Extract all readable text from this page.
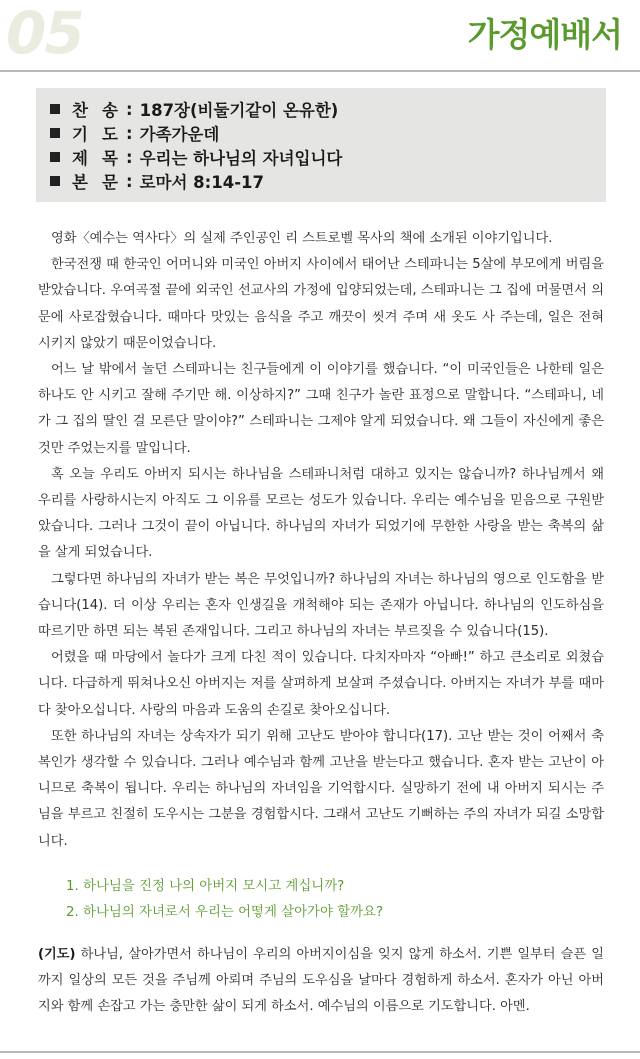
05	가정예배서
찬 송 : 187장(비둘기같이 온유한)
기 도 : 가족가운데
제 목 : 우리는 하나님의 자녀입니다
본 문 : 로마서 8:14-17

영화〈예수는 역사다〉의 실제 주인공인 리 스트로벨 목사의 책에 소개된 이야기입니다.

한국전쟁 때 한국인 어머니와 미국인 아버지 사이에서 태어난 스테파니는 5살에 부모에게 버림을 받았습니다. 우여곡절 끝에 외국인 선교사의 가정에 입양되었는데, 스테파니는 그 집에 머물면서 의문에 사로잡혔습니다. 때마다 맛있는 음식을 주고 깨끗이 씻겨 주며 새 옷도 사 주는데, 일은 전혀 시키지 않았기 때문이었습니다.

어느 날 밖에서 놀던 스테파니는 친구들에게 이 이야기를 했습니다. “이 미국인들은 나한테 일은 하나도 안 시키고 잘해 주기만 해. 이상하지?” 그때 친구가 놀란 표정으로 말합니다. “스테파니, 네가 그 집의 딸인 걸 모른단 말이야?” 스테파니는 그제야 알게 되었습니다. 왜 그들이 자신에게 좋은 것만 주었는지를 말입니다.

혹 오늘 우리도 아버지 되시는 하나님을 스테파니처럼 대하고 있지는 않습니까? 하나님께서 왜 우리를 사랑하시는지 아직도 그 이유를 모르는 성도가 있습니다. 우리는 예수님을 믿음으로 구원받았습니다. 그러나 그것이 끝이 아닙니다. 하나님의 자녀가 되었기에 무한한 사랑을 받는 축복의 삶을 살게 되었습니다.

그렇다면 하나님의 자녀가 받는 복은 무엇입니까? 하나님의 자녀는 하나님의 영으로 인도함을 받습니다(14). 더 이상 우리는 혼자 인생길을 개척해야 되는 존재가 아닙니다. 하나님의 인도하심을 따르기만 하면 되는 복된 존재입니다. 그리고 하나님의 자녀는 부르짖을 수 있습니다(15).

어렸을 때 마당에서 놀다가 크게 다친 적이 있습니다. 다치자마자 “아빠!” 하고 큰소리로 외쳤습니다. 다급하게 뛰쳐나오신 아버지는 저를 살펴하게 보살펴 주셨습니다. 아버지는 자녀가 부를 때마다 찾아오십니다. 사랑의 마음과 도움의 손길로 찾아오십니다.

또한 하나님의 자녀는 상속자가 되기 위해 고난도 받아야 합니다(17). 고난 받는 것이 어째서 축복인가 생각할 수 있습니다. 그러나 예수님과 함께 고난을 받는다고 했습니다. 혼자 받는 고난이 아니므로 축복이 됩니다. 우리는 하나님의 자녀임을 기억합시다. 실망하기 전에 내 아버지 되시는 주님을 부르고 친절히 도우시는 그분을 경험합시다. 그래서 고난도 기뻐하는 주의 자녀가 되길 소망합니다.

1. 하나님을 진정 나의 아버지 모시고 계십니까?
2. 하나님의 자녀로서 우리는 어떻게 살아가야 할까요?
(기도) 하나님, 살아가면서 하나님이 우리의 아버지이심을 잊지 않게 하소서. 기쁜 일부터 슬픈 일까지 일상의 모든 것을 주님께 아뢰며 주님의 도우심을 날마다 경험하게 하소서. 혼자가 아닌 아버지와 함께 손잡고 가는 충만한 삶이 되게 하소서. 예수님의 이름으로 기도합니다. 아멘.
